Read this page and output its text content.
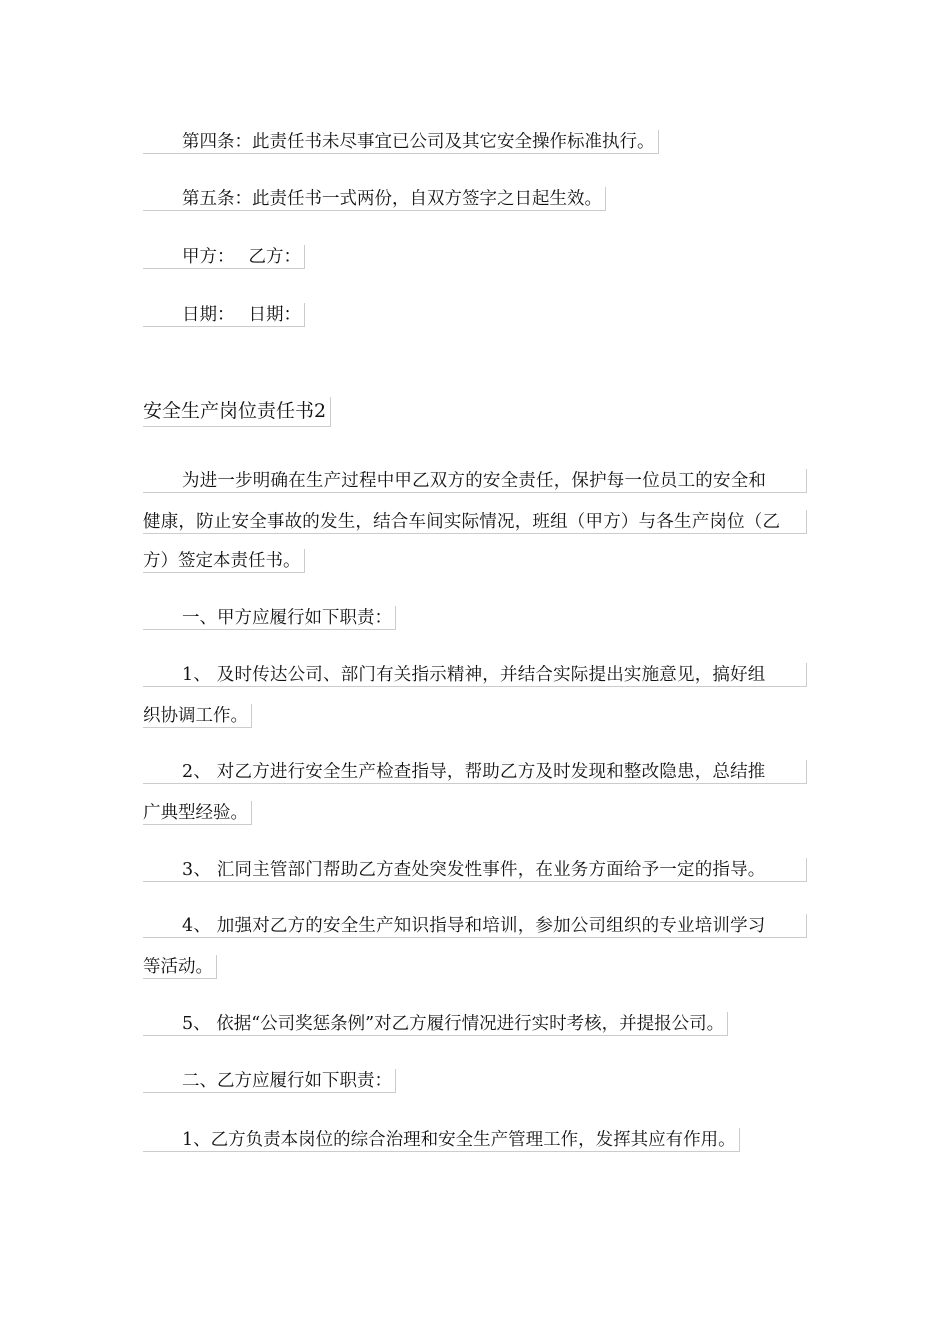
第四条：此责任书未尽事宜已公司及其它安全操作标准执行。
第五条：此责任书一式两份，自双方签字之日起生效。
甲方： 乙方：
日期： 日期：
安全生产岗位责任书2
为进一步明确在生产过程中甲乙双方的安全责任，保护每一位员工的安全和
健康，防止安全事故的发生，结合车间实际情况，班组（甲方）与各生产岗位（乙
方）签定本责任书。
一、甲方应履行如下职责：
1、 及时传达公司、部门有关指示精神，并结合实际提出实施意见，搞好组
织协调工作。
2、 对乙方进行安全生产检查指导，帮助乙方及时发现和整改隐患，总结推
广典型经验。
3、 汇同主管部门帮助乙方查处突发性事件，在业务方面给予一定的指导。
4、 加强对乙方的安全生产知识指导和培训，参加公司组织的专业培训学习
等活动。
5、 依据“公司奖惩条例”对乙方履行情况进行实时考核，并提报公司。
二、乙方应履行如下职责：
1、乙方负责本岗位的综合治理和安全生产管理工作，发挥其应有作用。
